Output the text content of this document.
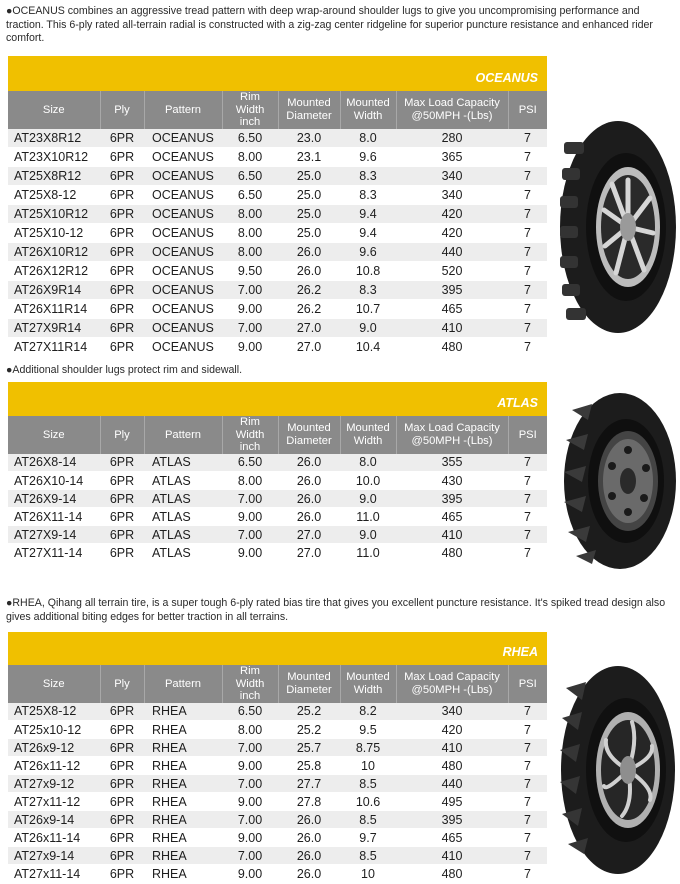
●OCEANUS combines an aggressive tread pattern with deep wrap-around shoulder lugs to give you uncompromising performance and traction. This 6-ply rated all-terrain radial is constructed with a zig-zag center ridgeline for superior puncture resistance and enhanced rider comfort.

OCEANUS
Size	Ply	Pattern	Rim Width inch	Mounted Diameter	Mounted Width	Max Load Capacity @50MPH -(Lbs)	PSI
AT23X8R12	6PR	OCEANUS	6.50	23.0	8.0	280	7
AT23X10R12	6PR	OCEANUS	8.00	23.1	9.6	365	7
AT25X8R12	6PR	OCEANUS	6.50	25.0	8.3	340	7
AT25X8-12	6PR	OCEANUS	6.50	25.0	8.3	340	7
AT25X10R12	6PR	OCEANUS	8.00	25.0	9.4	420	7
AT25X10-12	6PR	OCEANUS	8.00	25.0	9.4	420	7
AT26X10R12	6PR	OCEANUS	8.00	26.0	9.6	440	7
AT26X12R12	6PR	OCEANUS	9.50	26.0	10.8	520	7
AT26X9R14	6PR	OCEANUS	7.00	26.2	8.3	395	7
AT26X11R14	6PR	OCEANUS	9.00	26.2	10.7	465	7
AT27X9R14	6PR	OCEANUS	7.00	27.0	9.0	410	7
AT27X11R14	6PR	OCEANUS	9.00	27.0	10.4	480	7

●Additional shoulder lugs protect rim and sidewall.

ATLAS
Size	Ply	Pattern	Rim Width inch	Mounted Diameter	Mounted Width	Max Load Capacity @50MPH -(Lbs)	PSI
AT26X8-14	6PR	ATLAS	6.50	26.0	8.0	355	7
AT26X10-14	6PR	ATLAS	8.00	26.0	10.0	430	7
AT26X9-14	6PR	ATLAS	7.00	26.0	9.0	395	7
AT26X11-14	6PR	ATLAS	9.00	26.0	11.0	465	7
AT27X9-14	6PR	ATLAS	7.00	27.0	9.0	410	7
AT27X11-14	6PR	ATLAS	9.00	27.0	11.0	480	7

●RHEA, Qihang all terrain tire, is a super tough 6-ply rated bias tire that gives you excellent puncture resistance. It's spiked tread design also gives additional biting edges for better traction in all terrains.

RHEA
Size	Ply	Pattern	Rim Width inch	Mounted Diameter	Mounted Width	Max Load Capacity @50MPH -(Lbs)	PSI
AT25X8-12	6PR	RHEA	6.50	25.2	8.2	340	7
AT25x10-12	6PR	RHEA	8.00	25.2	9.5	420	7
AT26x9-12	6PR	RHEA	7.00	25.7	8.75	410	7
AT26x11-12	6PR	RHEA	9.00	25.8	10	480	7
AT27x9-12	6PR	RHEA	7.00	27.7	8.5	440	7
AT27x11-12	6PR	RHEA	9.00	27.8	10.6	495	7
AT26x9-14	6PR	RHEA	7.00	26.0	8.5	395	7
AT26x11-14	6PR	RHEA	9.00	26.0	9.7	465	7
AT27x9-14	6PR	RHEA	7.00	26.0	8.5	410	7
AT27x11-14	6PR	RHEA	9.00	26.0	10	480	7
